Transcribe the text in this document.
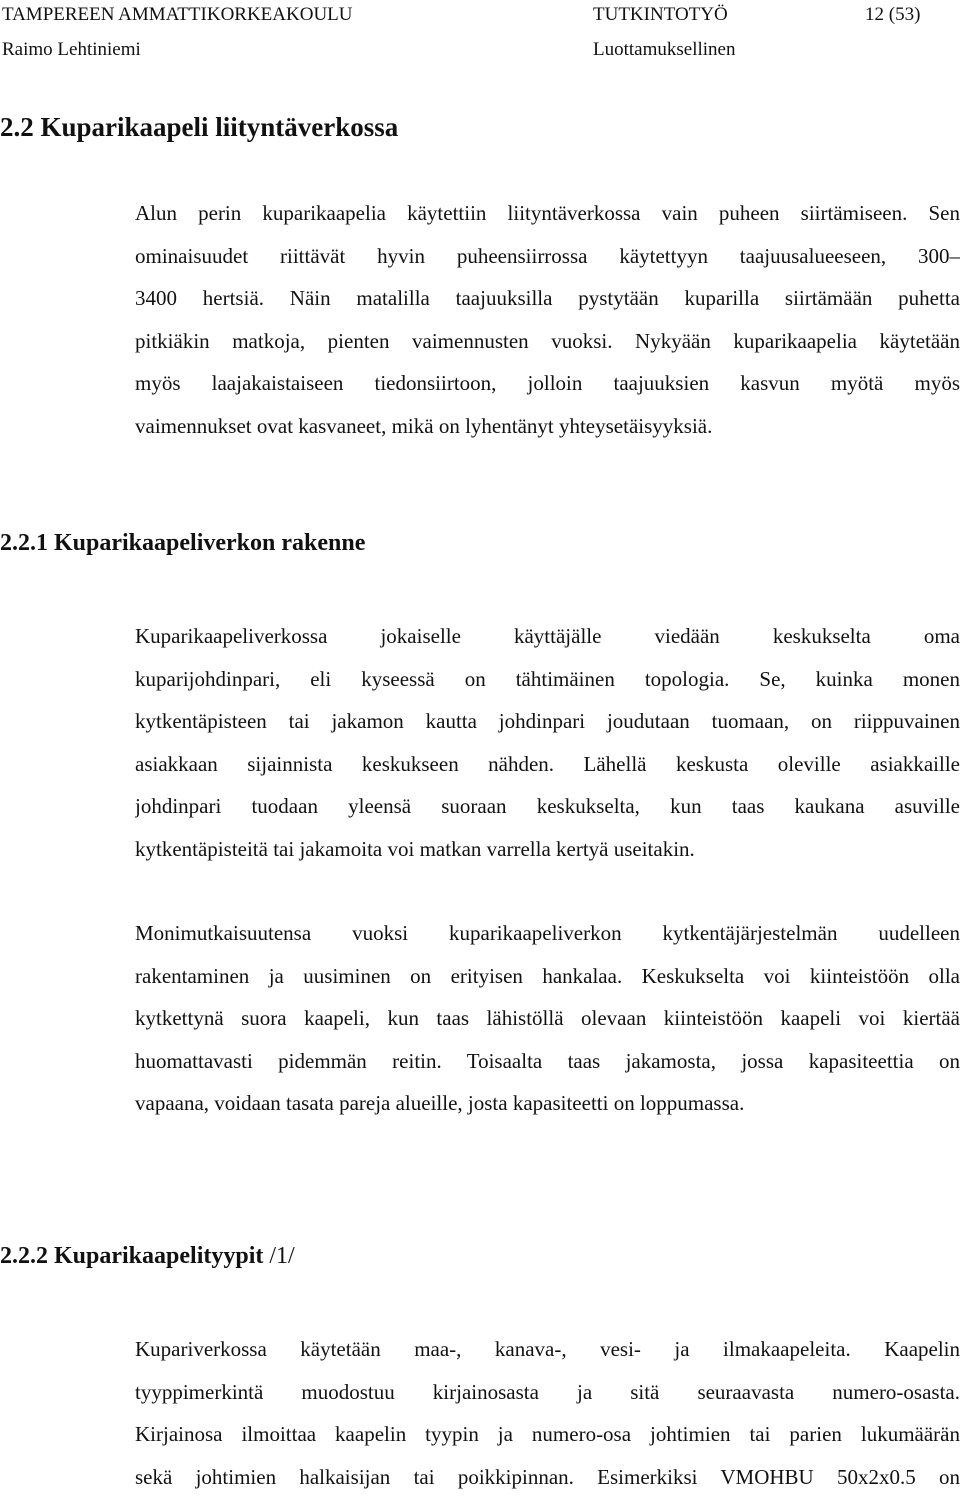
TAMPEREEN AMMATTIKORKEAKOULU	TUTKINTOTYÖ	12 (53)
Raimo Lehtiniemi	Luottamuksellinen
2.2 Kuparikaapeli liityntäverkossa
Alun perin kuparikaapelia käytettiin liityntäverkossa vain puheen siirtämiseen. Sen
ominaisuudet riittävät hyvin puheensiirrossa käytettyyn taajuusalueeseen, 300–
3400 hertsiä. Näin matalilla taajuuksilla pystytään kuparilla siirtämään puhetta
pitkiäkin matkoja, pienten vaimennusten vuoksi. Nykyään kuparikaapelia käytetään
myös laajakaistaiseen tiedonsiirtoon, jolloin taajuuksien kasvun myötä myös
vaimennukset ovat kasvaneet, mikä on lyhentänyt yhteysetäisyyksiä.
2.2.1 Kuparikaapeliverkon rakenne
Kuparikaapeliverkossa jokaiselle käyttäjälle viedään keskukselta oma
kuparijohdinpari, eli kyseessä on tähtimäinen topologia. Se, kuinka monen
kytkentäpisteen tai jakamon kautta johdinpari joudutaan tuomaan, on riippuvainen
asiakkaan sijainnista keskukseen nähden. Lähellä keskusta oleville asiakkaille
johdinpari tuodaan yleensä suoraan keskukselta, kun taas kaukana asuville
kytkentäpisteitä tai jakamoita voi matkan varrella kertyä useitakin.
Monimutkaisuutensa vuoksi kuparikaapeliverkon kytkentäjärjestelmän uudelleen
rakentaminen ja uusiminen on erityisen hankalaa. Keskukselta voi kiinteistöön olla
kytkettynä suora kaapeli, kun taas lähistöllä olevaan kiinteistöön kaapeli voi kiertää
huomattavasti pidemmän reitin. Toisaalta taas jakamosta, jossa kapasiteettia on
vapaana, voidaan tasata pareja alueille, josta kapasiteetti on loppumassa.
2.2.2 Kuparikaapelityypit /1/
Kupariverkossa käytetään maa-, kanava-, vesi- ja ilmakaapeleita. Kaapelin
tyyppimerkintä muodostuu kirjainosasta ja sitä seuraavasta numero-osasta.
Kirjainosa ilmoittaa kaapelin tyypin ja numero-osa johtimien tai parien lukumäärän
sekä johtimien halkaisijan tai poikkipinnan. Esimerkiksi VMOHBU 50x2x0.5 on
